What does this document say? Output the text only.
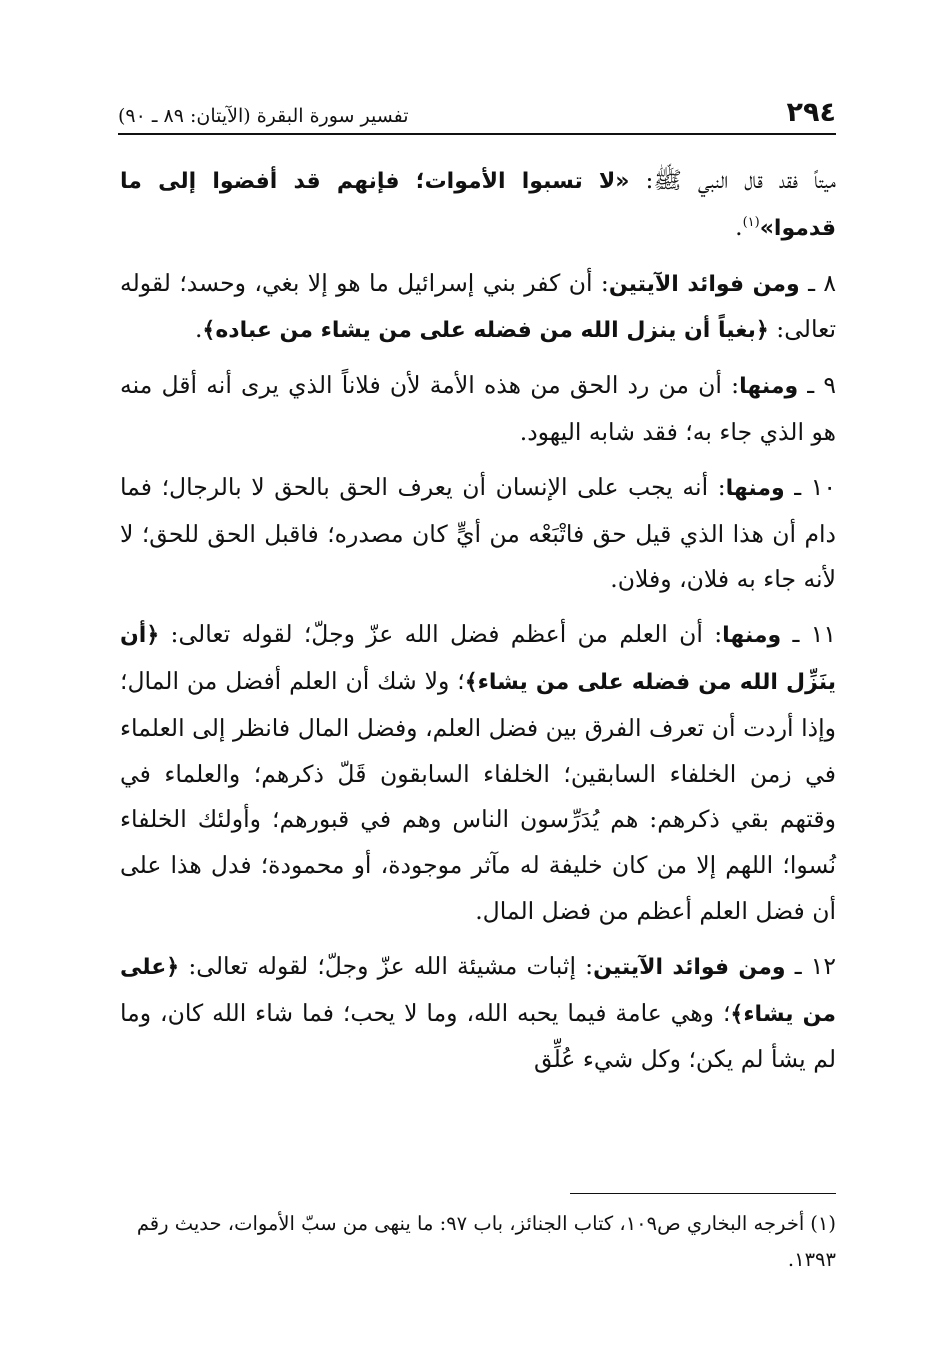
٢٩٤
تفسير سورة البقرة (الآيتان: ٨٩ ـ ٩٠)

ميتاً فقد قال النبي ﷺ: «لا تسبوا الأموات؛ فإنهم قد أفضوا إلى ما قدموا»$^{(١)}$.

٨ ـ ومن فوائد الآيتين: أن كفر بني إسرائيل ما هو إلا بغي، وحسد؛ لقوله تعالى: ﴿بغياً أن ينزل الله من فضله على من يشاء من عباده﴾.

٩ ـ ومنها: أن من رد الحق من هذه الأمة لأن فلاناً الذي يرى أنه أقل منه هو الذي جاء به؛ فقد شابه اليهود.

١٠ ـ ومنها: أنه يجب على الإنسان أن يعرف الحق بالحق لا بالرجال؛ فما دام أن هذا الذي قيل حق فاتْبَعْه من أيٍّ كان مصدره؛ فاقبل الحق للحق؛ لا لأنه جاء به فلان، وفلان.

١١ ـ ومنها: أن العلم من أعظم فضل الله عزّ وجلّ؛ لقوله تعالى: ﴿أن ينَزِّل الله من فضله على من يشاء﴾؛ ولا شك أن العلم أفضل من المال؛ وإذا أردت أن تعرف الفرق بين فضل العلم، وفضل المال فانظر إلى العلماء في زمن الخلفاء السابقين؛ الخلفاء السابقون قَلّ ذكرهم؛ والعلماء في وقتهم بقي ذكرهم: هم يُدَرِّسون الناس وهم في قبورهم؛ وأولئك الخلفاء نُسوا؛ اللهم إلا من كان خليفة له مآثر موجودة، أو محمودة؛ فدل هذا على أن فضل العلم أعظم من فضل المال.

١٢ ـ ومن فوائد الآيتين: إثبات مشيئة الله عزّ وجلّ؛ لقوله تعالى: ﴿على من يشاء﴾؛ وهي عامة فيما يحبه الله، وما لا يحب؛ فما شاء الله كان، وما لم يشأ لم يكن؛ وكل شيء عُلِّق

(١)أخرجه البخاري ص١٠٩، كتاب الجنائز، باب ٩٧: ما ينهى من سبّ الأموات، حديث رقم ١٣٩٣.
